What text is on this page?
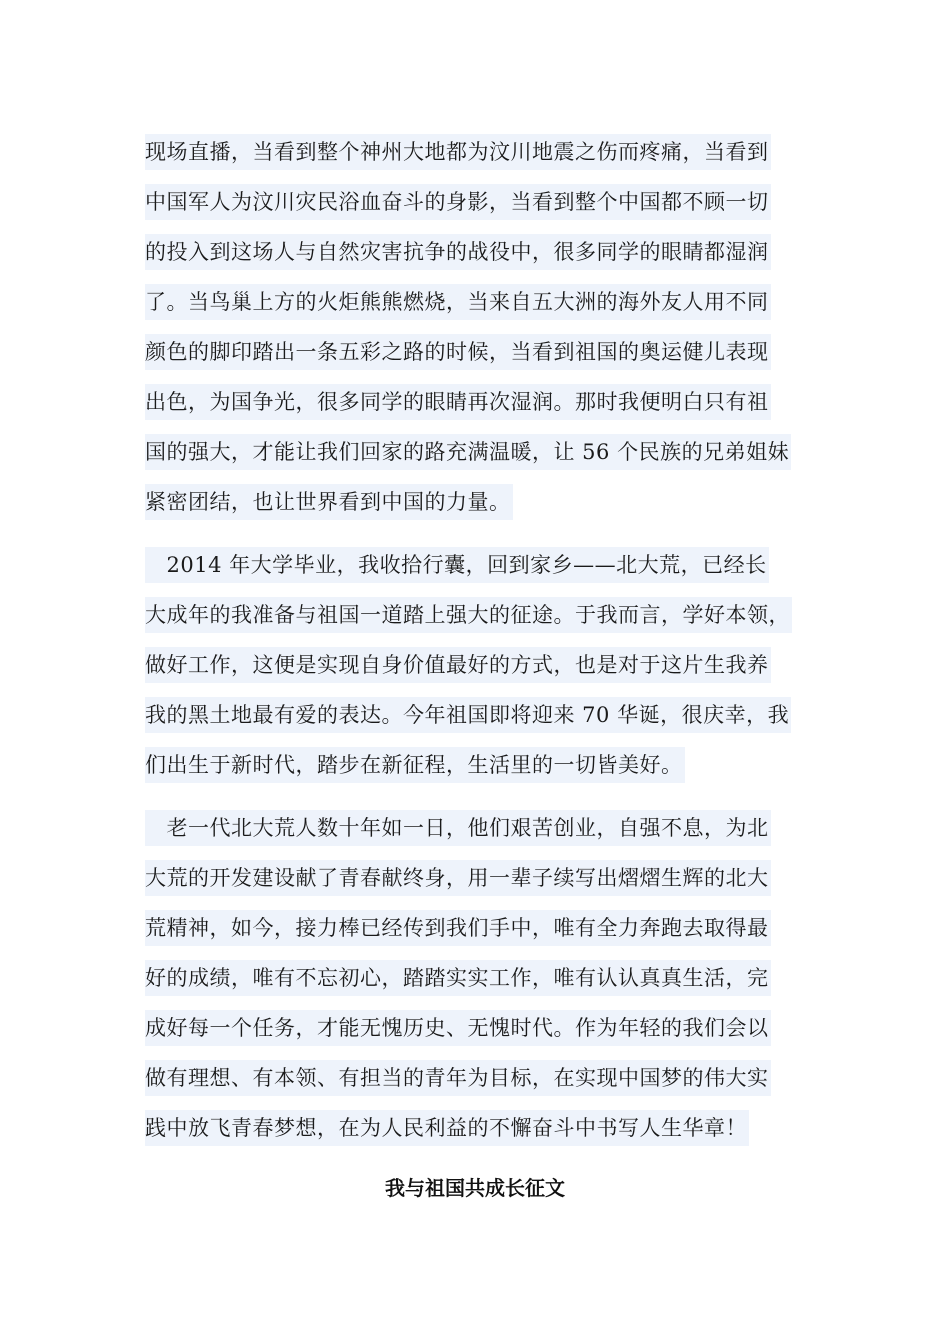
现场直播，当看到整个神州大地都为汶川地震之伤而疼痛，当看到
中国军人为汶川灾民浴血奋斗的身影，当看到整个中国都不顾一切
的投入到这场人与自然灾害抗争的战役中，很多同学的眼睛都湿润
了。当鸟巢上方的火炬熊熊燃烧，当来自五大洲的海外友人用不同
颜色的脚印踏出一条五彩之路的时候，当看到祖国的奥运健儿表现
出色，为国争光，很多同学的眼睛再次湿润。那时我便明白只有祖
国的强大，才能让我们回家的路充满温暖，让 56 个民族的兄弟姐妹
紧密团结，也让世界看到中国的力量。
　2014 年大学毕业，我收拾行囊，回到家乡——北大荒，已经长
大成年的我准备与祖国一道踏上强大的征途。于我而言，学好本领，
做好工作，这便是实现自身价值最好的方式，也是对于这片生我养
我的黑土地最有爱的表达。今年祖国即将迎来 70 华诞，很庆幸，我
们出生于新时代，踏步在新征程，生活里的一切皆美好。
　老一代北大荒人数十年如一日，他们艰苦创业，自强不息，为北
大荒的开发建设献了青春献终身，用一辈子续写出熠熠生辉的北大
荒精神，如今，接力棒已经传到我们手中，唯有全力奔跑去取得最
好的成绩，唯有不忘初心，踏踏实实工作，唯有认认真真生活，完
成好每一个任务，才能无愧历史、无愧时代。作为年轻的我们会以
做有理想、有本领、有担当的青年为目标，在实现中国梦的伟大实
践中放飞青春梦想，在为人民利益的不懈奋斗中书写人生华章！
我与祖国共成长征文
